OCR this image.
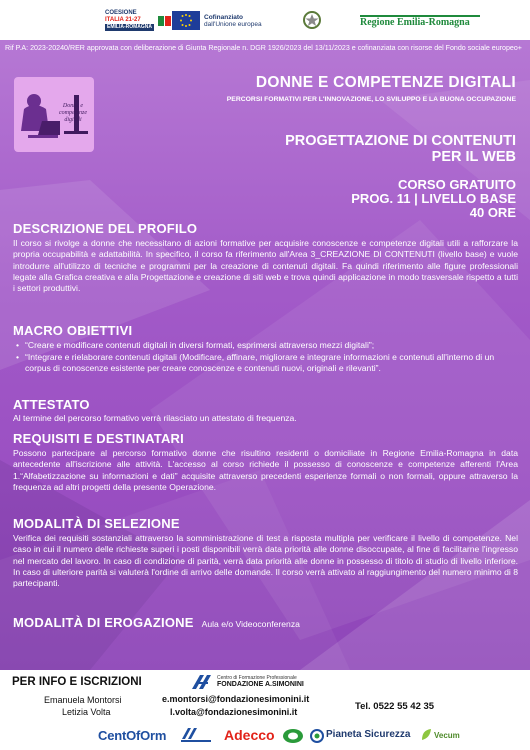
COESIONE
ITALIA 21-27
EMILIA-ROMAGNA
Cofinanziato
dall'Unione europea	Regione Emilia-Romagna

Rif P.A: 2023-20240/RER approvata con deliberazione di Giunta Regionale n. DGR 1926/2023 del 13/11/2023 e cofinanziata con risorse del Fondo sociale europeo+

Donne e
competenze digitali
DONNE E COMPETENZE DIGITALI

PERCORSI FORMATIVI PER L'INNOVAZIONE, LO SVILUPPO E LA BUONA OCCUPAZIONE

PROGETTAZIONE DI CONTENUTI
PER IL WEB

CORSO GRATUITO

PROG. 11 | LIVELLO BASE

40 ORE

DESCRIZIONE DEL PROFILO

Il corso si rivolge a donne che necessitano di azioni formative per acquisire conoscenze e competenze digitali utili a rafforzare la propria occupabilità e adattabilità. In specifico, il corso fa riferimento all'Area 3_CREAZIONE DI CONTENUTI (livello base) e vuole introdurre all'utilizzo di tecniche e programmi per la creazione di contenuti digitali. Fa quindi riferimento alle figure professionali legate alla Grafica creativa e alla Progettazione e creazione di siti web e trova quindi applicazione in modo trasversale rispetto a tutti i settori produttivi.

MACRO OBIETTIVI
• “Creare e modificare contenuti digitali in diversi formati, esprimersi attraverso mezzi digitali”;
• “Integrare e rielaborare contenuti digitali (Modificare, affinare, migliorare e integrare informazioni e contenuti all'interno di un corpus di conoscenze esistente per creare conoscenze e contenuti nuovi, originali e rilevanti”.
ATTESTATO

Al termine del percorso formativo verrà rilasciato un attestato di frequenza.

REQUISITI E DESTINATARI

Possono partecipare al percorso formativo donne che risultino residenti o domiciliate in Regione Emilia-Romagna in data antecedente all'iscrizione alle attività. L'accesso al corso richiede il possesso di conoscenze e competenze afferenti l'Area 1.“Alfabetizzazione su informazioni e dati” acquisite attraverso precedenti esperienze formali o non formali, oppure attraverso la frequenza ad altri progetti della presente Operazione.

MODALITÀ DI SELEZIONE

Verifica dei requisiti sostanziali attraverso la somministrazione di test a risposta multipla per verificare il livello di competenze. Nel caso in cui il numero delle richieste superi i posti disponibili verrà data priorità alle donne disoccupate, al fine di facilitarne l'ingresso nel mercato del lavoro. In caso di condizione di parità, verrà data priorità alle donne in possesso di titolo di studio di livello inferiore. In caso di ulteriore parità si valuterà l'ordine di arrivo delle domande. Il corso verrà attivato al raggiungimento del numero minimo di 8 partecipanti.

MODALITÀ DI EROGAZIONE Aula e/o Videoconferenza
PER INFO E ISCRIZIONI	Centro di Formazione Professionale
FONDAZIONE A.SIMONINI
Emanuela Montorsi	e.montorsi@fondazionesimonini.it
Letizia Volta	l.volta@fondazionesimonini.it	Tel. 0522 55 42 35
CentOfOrm	Adecco	Pianeta Sicurezza	Vecum
